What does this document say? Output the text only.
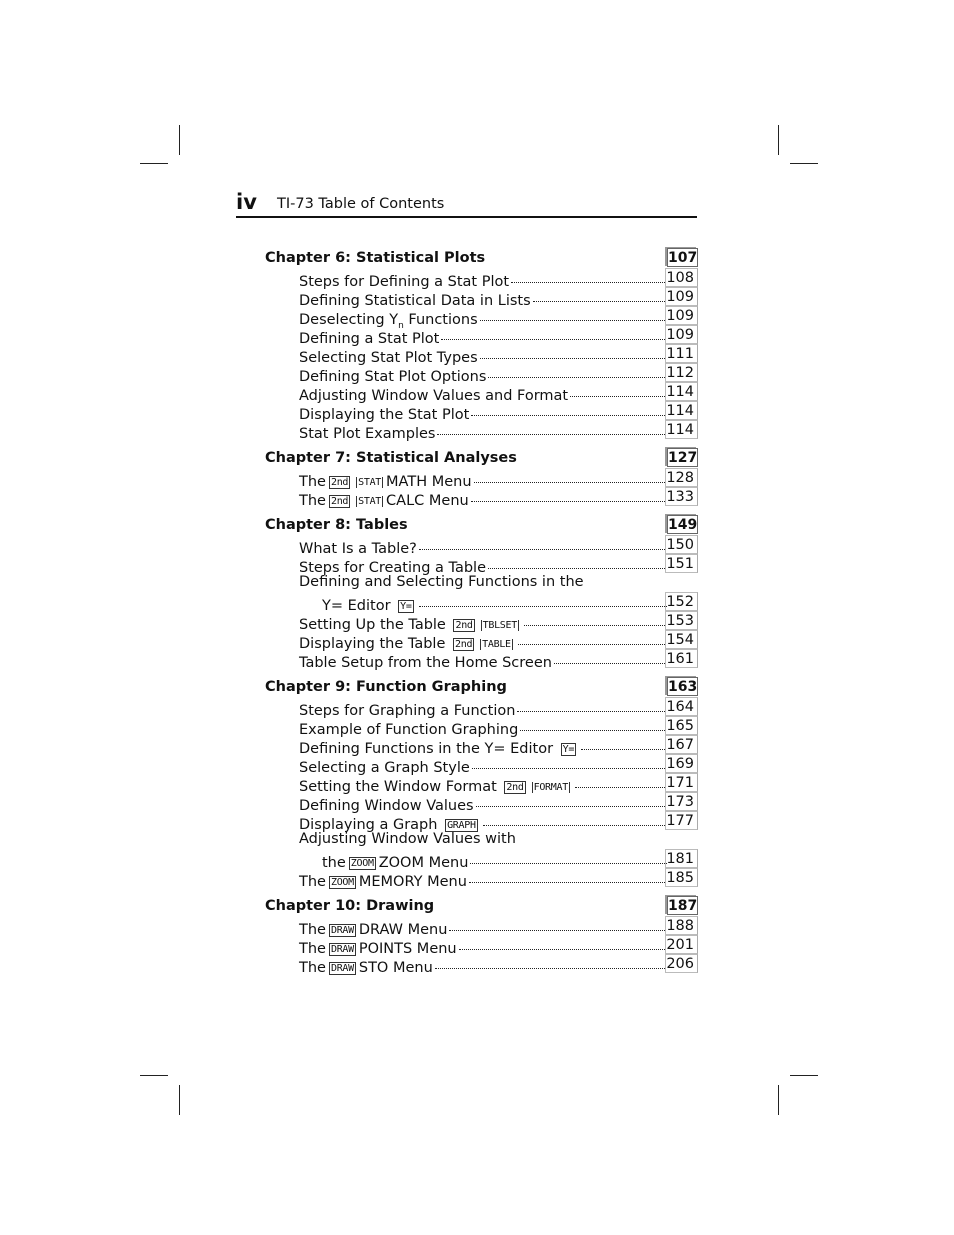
iv TI-73 Table of Contents
Chapter 6: Statistical Plots	107
Steps for Defining a Stat Plot	108
Defining Statistical Data in Lists	109
Deselecting $Y_n$ Functions	109
Defining a Stat Plot	109
Selecting Stat Plot Types	111
Defining Stat Plot Options	112
Adjusting Window Values and Format	114
Displaying the Stat Plot	114
Stat Plot Examples	114
Chapter 7: Statistical Analyses	127
The 2nd STAT MATH Menu	128
The 2nd STAT CALC Menu	133
Chapter 8: Tables	149
What Is a Table?	150
Steps for Creating a Table	151
Defining and Selecting Functions in the
Y= Editor Y=	152
Setting Up the Table 2nd TBLSET	153
Displaying the Table 2nd TABLE	154
Table Setup from the Home Screen	161
Chapter 9: Function Graphing	163
Steps for Graphing a Function	164
Example of Function Graphing	165
Defining Functions in the Y= Editor Y=	167
Selecting a Graph Style	169
Setting the Window Format 2nd FORMAT	171
Defining Window Values	173
Displaying a Graph GRAPH	177
Adjusting Window Values with
the ZOOM ZOOM Menu	181
The ZOOM MEMORY Menu	185
Chapter 10: Drawing	187
The DRAW DRAW Menu	188
The DRAW POINTS Menu	201
The DRAW STO Menu	206
